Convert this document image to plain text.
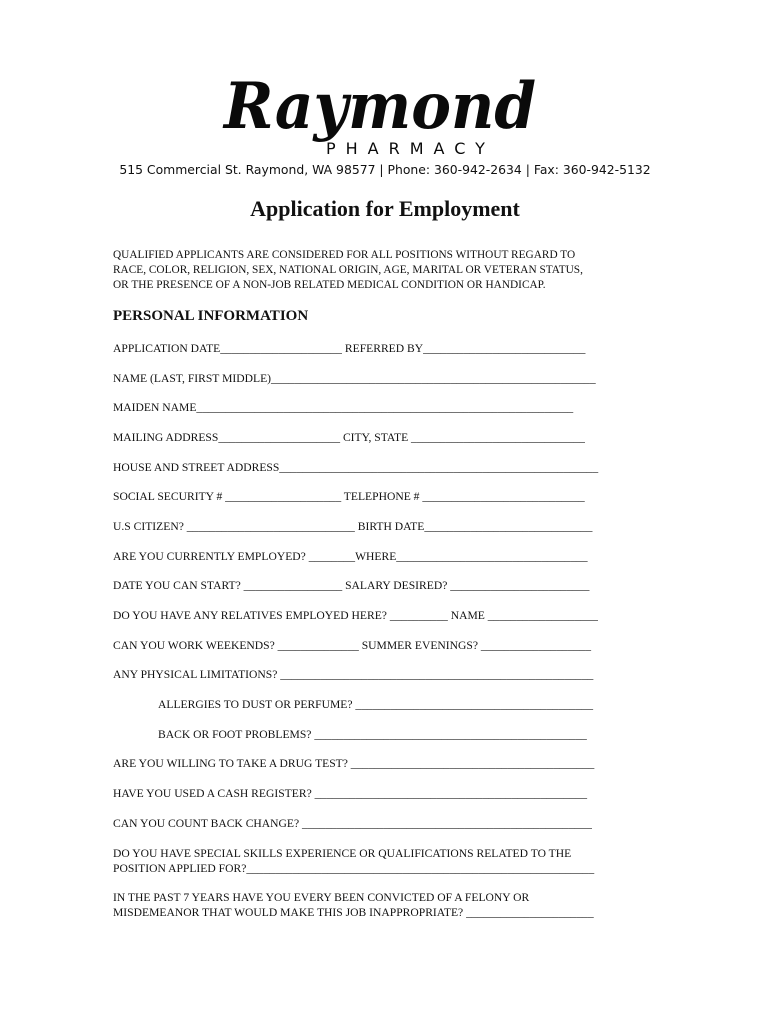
Raymond
PHARMACY
515 Commercial St. Raymond, WA 98577 | Phone: 360-942-2634 | Fax: 360-942-5132
Application for Employment
QUALIFIED APPLICANTS ARE CONSIDERED FOR ALL POSITIONS WITHOUT REGARD TO
RACE, COLOR, RELIGION, SEX, NATIONAL ORIGIN, AGE, MARITAL OR VETERAN STATUS,
OR THE PRESENCE OF A NON-JOB RELATED MEDICAL CONDITION OR HANDICAP.
PERSONAL INFORMATION
APPLICATION DATE_____________________ REFERRED BY____________________________
NAME (LAST, FIRST MIDDLE)________________________________________________________
MAIDEN NAME_________________________________________________________________
MAILING ADDRESS_____________________ CITY, STATE ______________________________
HOUSE AND STREET ADDRESS_______________________________________________________
SOCIAL SECURITY # ____________________ TELEPHONE # ____________________________
U.S CITIZEN? _____________________________ BIRTH DATE_____________________________
ARE YOU CURRENTLY EMPLOYED? ________WHERE_________________________________
DATE YOU CAN START? _________________ SALARY DESIRED? ________________________
DO YOU HAVE ANY RELATIVES EMPLOYED HERE? __________ NAME ___________________
CAN YOU WORK WEEKENDS? ______________ SUMMER EVENINGS? ___________________
ANY PHYSICAL LIMITATIONS? ______________________________________________________
ALLERGIES TO DUST OR PERFUME? _________________________________________
BACK OR FOOT PROBLEMS? _______________________________________________
ARE YOU WILLING TO TAKE A DRUG TEST? __________________________________________
HAVE YOU USED A CASH REGISTER? _______________________________________________
CAN YOU COUNT BACK CHANGE? __________________________________________________
DO YOU HAVE SPECIAL SKILLS EXPERIENCE OR QUALIFICATIONS RELATED TO THE
POSITION APPLIED FOR?____________________________________________________________
IN THE PAST 7 YEARS HAVE YOU EVERY BEEN CONVICTED OF A FELONY OR
MISDEMEANOR THAT WOULD MAKE THIS JOB INAPPROPRIATE? ______________________
